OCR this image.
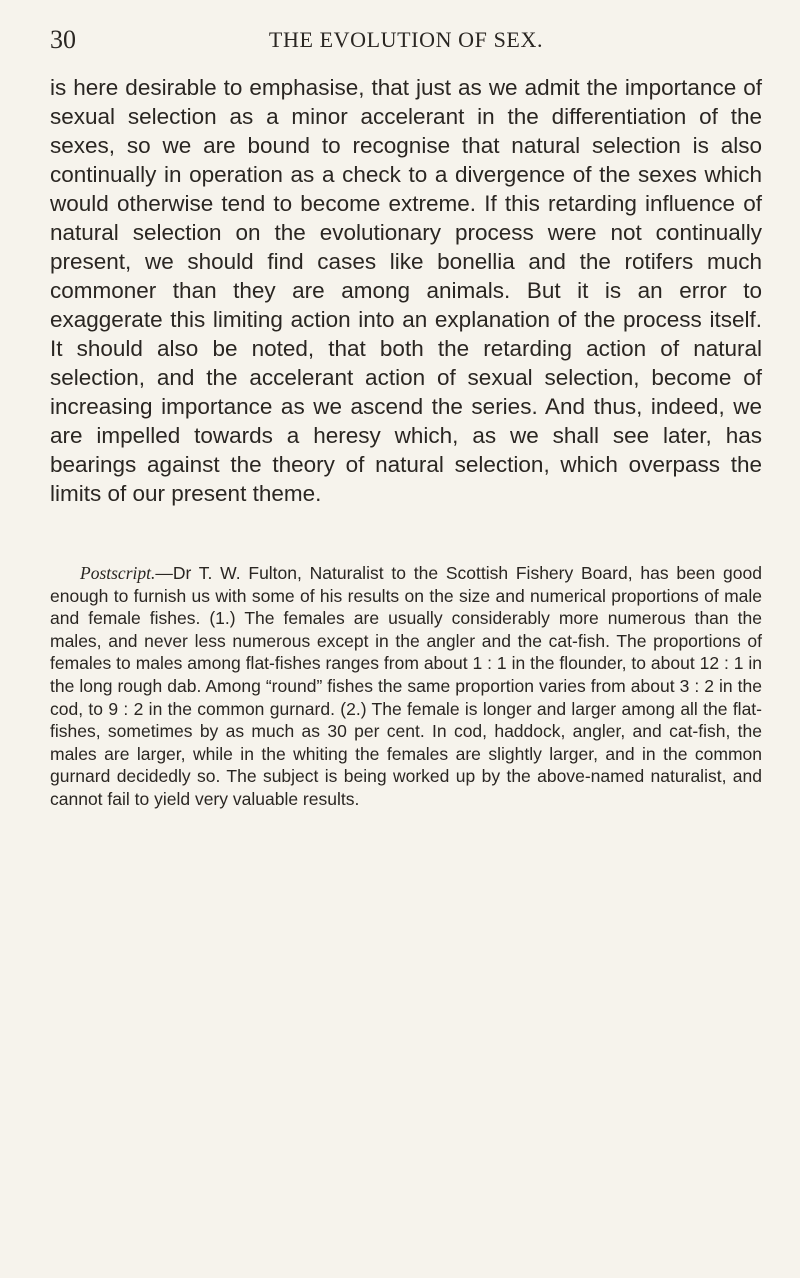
30	THE EVOLUTION OF SEX.

is here desirable to emphasise, that just as we admit the importance of sexual selection as a minor accelerant in the differentiation of the sexes, so we are bound to recognise that natural selection is also continually in operation as a check to a divergence of the sexes which would otherwise tend to become extreme. If this retarding influence of natural selection on the evolutionary process were not continually present, we should find cases like bonellia and the rotifers much commoner than they are among animals. But it is an error to exaggerate this limiting action into an explanation of the process itself. It should also be noted, that both the retarding action of natural selection, and the accelerant action of sexual selection, become of increasing importance as we ascend the series. And thus, indeed, we are impelled towards a heresy which, as we shall see later, has bearings against the theory of natural selection, which overpass the limits of our present theme.

Postscript.—Dr T. W. Fulton, Naturalist to the Scottish Fishery Board, has been good enough to furnish us with some of his results on the size and numerical proportions of male and female fishes. (1.) The females are usually considerably more numerous than the males, and never less numerous except in the angler and the cat-fish. The proportions of females to males among flat-fishes ranges from about 1 : 1 in the flounder, to about 12 : 1 in the long rough dab. Among “round” fishes the same proportion varies from about 3 : 2 in the cod, to 9 : 2 in the common gurnard. (2.) The female is longer and larger among all the flat-fishes, sometimes by as much as 30 per cent. In cod, haddock, angler, and cat-fish, the males are larger, while in the whiting the females are slightly larger, and in the common gurnard decidedly so. The subject is being worked up by the above-named naturalist, and cannot fail to yield very valuable results.
